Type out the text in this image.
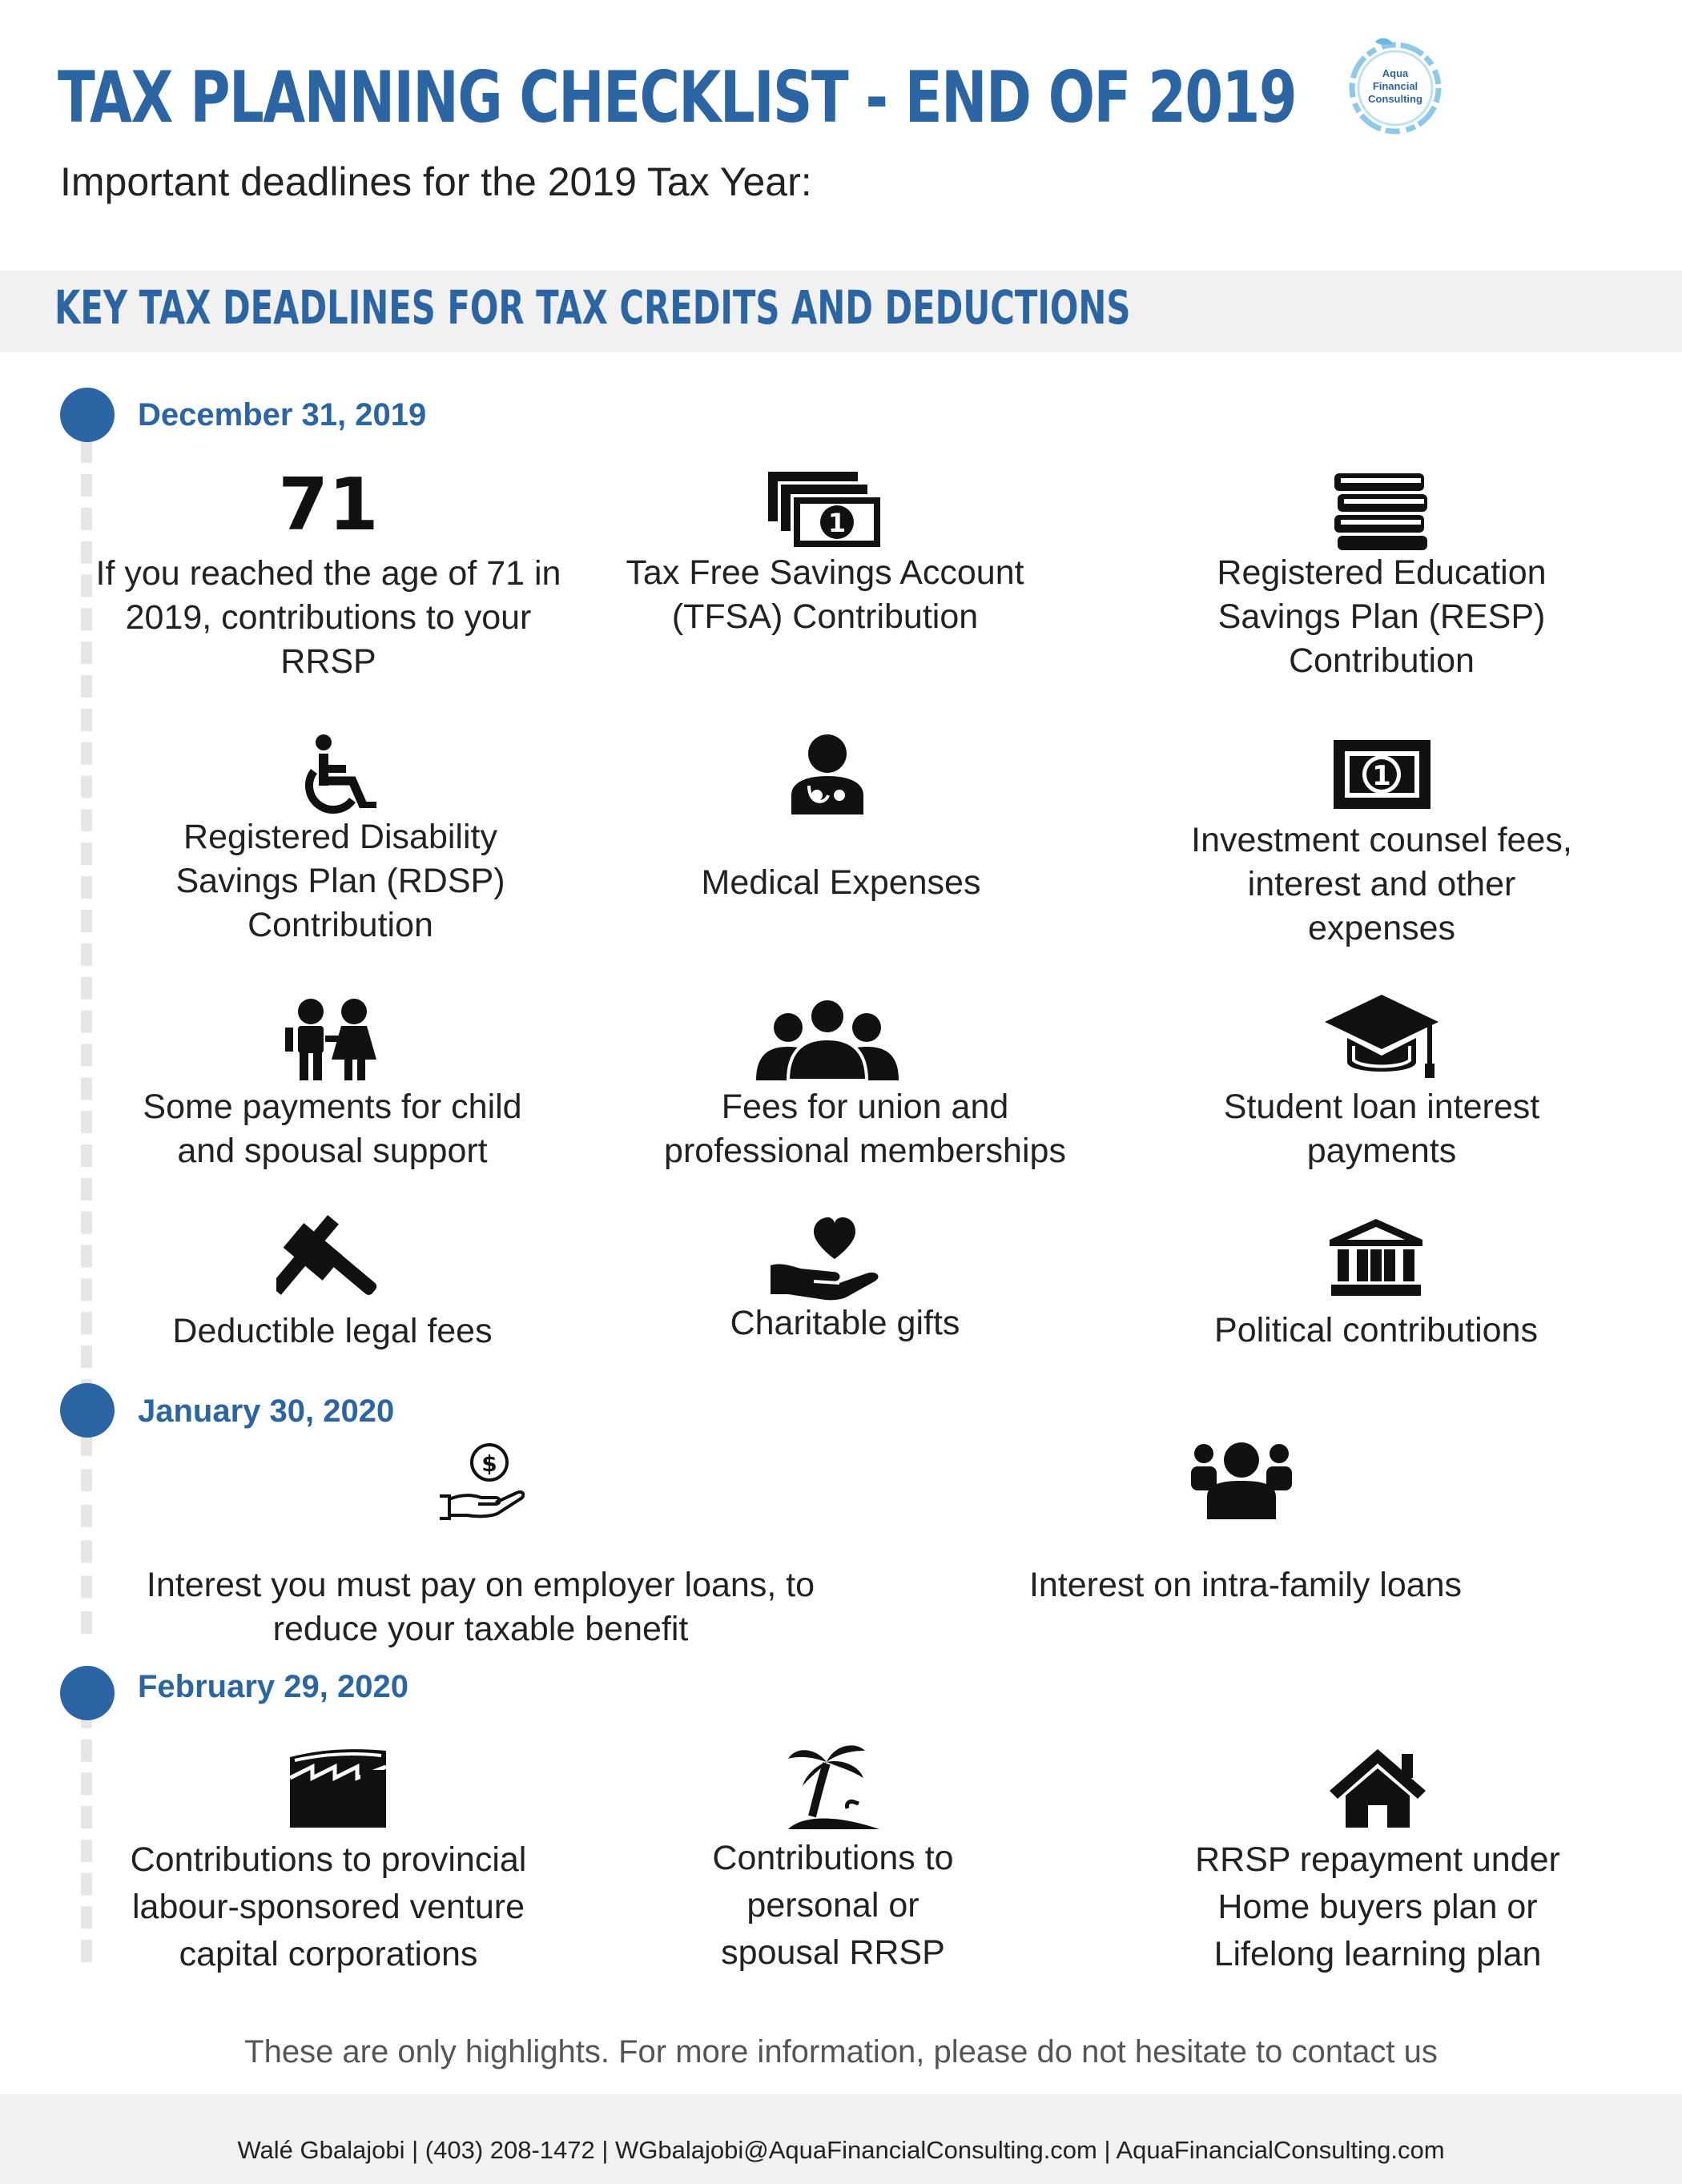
TAX PLANNING CHECKLIST - END OF 2019
Important deadlines for the 2019 Tax Year:
Aqua
Financial
Consulting
KEY TAX DEADLINES FOR TAX CREDITS AND DEDUCTIONS
December 31, 2019
71
If you reached the age of 71 in 2019, contributions to your RRSP
1
Tax Free Savings Account (TFSA) Contribution
Registered Education Savings Plan (RESP) Contribution
Registered Disability Savings Plan (RDSP) Contribution
Medical Expenses
1
Investment counsel fees, interest and other expenses
Some payments for child and spousal support
Fees for union and professional memberships
Student loan interest payments
Deductible legal fees	Charitable gifts	Political contributions
January 30, 2020
$
Interest you must pay on employer loans, to reduce your taxable benefit
Interest on intra-family loans
February 29, 2020
Contributions to provincial labour-sponsored venture capital corporations
Contributions to personal or spousal RRSP
RRSP repayment under Home buyers plan or Lifelong learning plan
These are only highlights. For more information, please do not hesitate to contact us
Walé Gbalajobi | (403) 208-1472 | WGbalajobi@AquaFinancialConsulting.com | AquaFinancialConsulting.com
